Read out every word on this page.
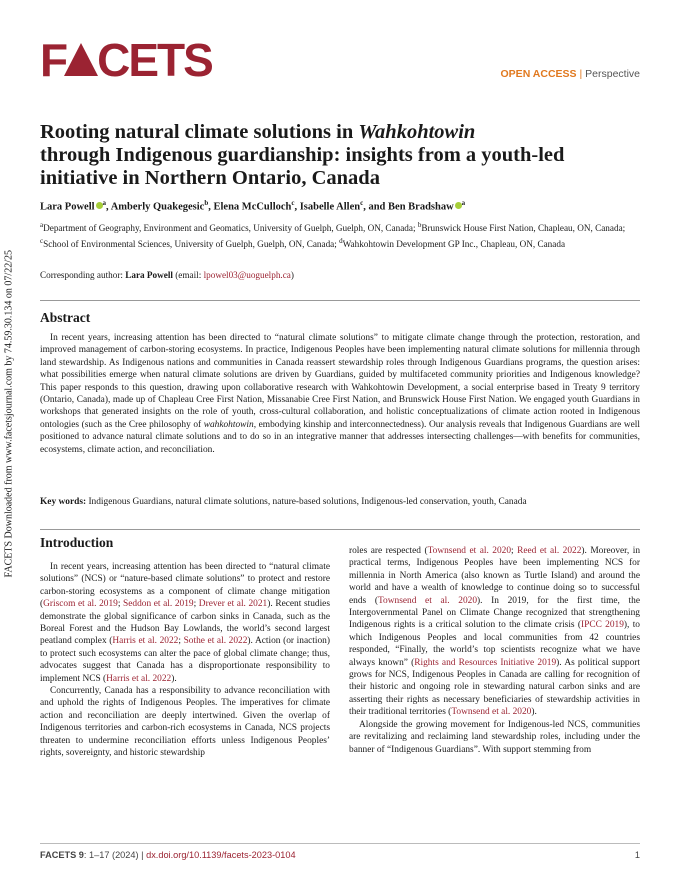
FACETS Downloaded from www.facetsjournal.com by 74.59.30.134 on 07/22/25
F CETS	OPEN ACCESS | Perspective
Rooting natural climate solutions in Wahkohtowin
through Indigenous guardianship: insights from a youth-led initiative in Northern Ontario, Canada
Lara Powell $^a$, Amberly Quakegesic$^b$, Elena McCulloch$^c$, Isabelle Allen$^c$, and Ben Bradshaw $^a$
$^a$Department of Geography, Environment and Geomatics, University of Guelph, Guelph, ON, Canada; $^b$Brunswick House First Nation, Chapleau, ON, Canada; $^c$School of Environmental Sciences, University of Guelph, Guelph, ON, Canada; $^d$Wahkohtowin Development GP Inc., Chapleau, ON, Canada
Corresponding author: Lara Powell (email: lpowel03@uoguelph.ca)
Abstract
In recent years, increasing attention has been directed to “natural climate solutions” to mitigate climate change through the protection, restoration, and improved management of carbon-storing ecosystems. In practice, Indigenous Peoples have been implementing natural climate solutions for millennia through land stewardship. As Indigenous nations and communities in Canada reassert stewardship roles through Indigenous Guardians programs, the question arises: what possibilities emerge when natural climate solutions are driven by Guardians, guided by multifaceted community priorities and Indigenous knowledge? This paper responds to this question, drawing upon collaborative research with Wahkohtowin Development, a social enterprise based in Treaty 9 territory (Ontario, Canada), made up of Chapleau Cree First Nation, Missanabie Cree First Nation, and Brunswick House First Nation. We engaged youth Guardians in workshops that generated insights on the role of youth, cross-cultural collaboration, and holistic conceptualizations of climate action rooted in Indigenous ontologies (such as the Cree philosophy of wahkohtowin, embodying kinship and interconnectedness). Our analysis reveals that Indigenous Guardians are well positioned to advance natural climate solutions and to do so in an integrative manner that addresses intersecting challenges—with benefits for communities, ecosystems, climate action, and reconciliation.
Key words: Indigenous Guardians, natural climate solutions, nature-based solutions, Indigenous-led conservation, youth, Canada
Introduction

In recent years, increasing attention has been directed to “natural climate solutions” (NCS) or “nature-based climate solutions” to protect and restore carbon-storing ecosystems as a component of climate change mitigation (Griscom et al. 2019; Seddon et al. 2019; Drever et al. 2021). Recent studies demonstrate the global significance of carbon sinks in Canada, such as the Boreal Forest and the Hudson Bay Lowlands, the world’s second largest peatland complex (Harris et al. 2022; Sothe et al. 2022). Action (or inaction) to protect such ecosystems can alter the pace of global climate change; thus, advocates suggest that Canada has a disproportionate responsibility to implement NCS (Harris et al. 2022).

Concurrently, Canada has a responsibility to advance reconciliation with and uphold the rights of Indigenous Peoples. The imperatives for climate action and reconciliation are deeply intertwined. Given the overlap of Indigenous territories and carbon-rich ecosystems in Canada, NCS projects threaten to undermine reconciliation efforts unless Indigenous Peoples’ rights, sovereignty, and historic stewardship

roles are respected (Townsend et al. 2020; Reed et al. 2022). Moreover, in practical terms, Indigenous Peoples have been implementing NCS for millennia in North America (also known as Turtle Island) and around the world and have a wealth of knowledge to continue doing so to successful ends (Townsend et al. 2020). In 2019, for the first time, the Intergovernmental Panel on Climate Change recognized that strengthening Indigenous rights is a critical solution to the climate crisis (IPCC 2019), to which Indigenous Peoples and local communities from 42 countries responded, “Finally, the world’s top scientists recognize what we have always known” (Rights and Resources Initiative 2019). As political support grows for NCS, Indigenous Peoples in Canada are calling for recognition of their historic and ongoing role in stewarding natural carbon sinks and are asserting their rights as necessary beneficiaries of stewardship activities in their traditional territories (Townsend et al. 2020).

Alongside the growing movement for Indigenous-led NCS, communities are revitalizing and reclaiming land stewardship roles, including under the banner of “Indigenous Guardians”. With support stemming from

FACETS 9: 1–17 (2024) | dx.doi.org/10.1139/facets-2023-0104	1
